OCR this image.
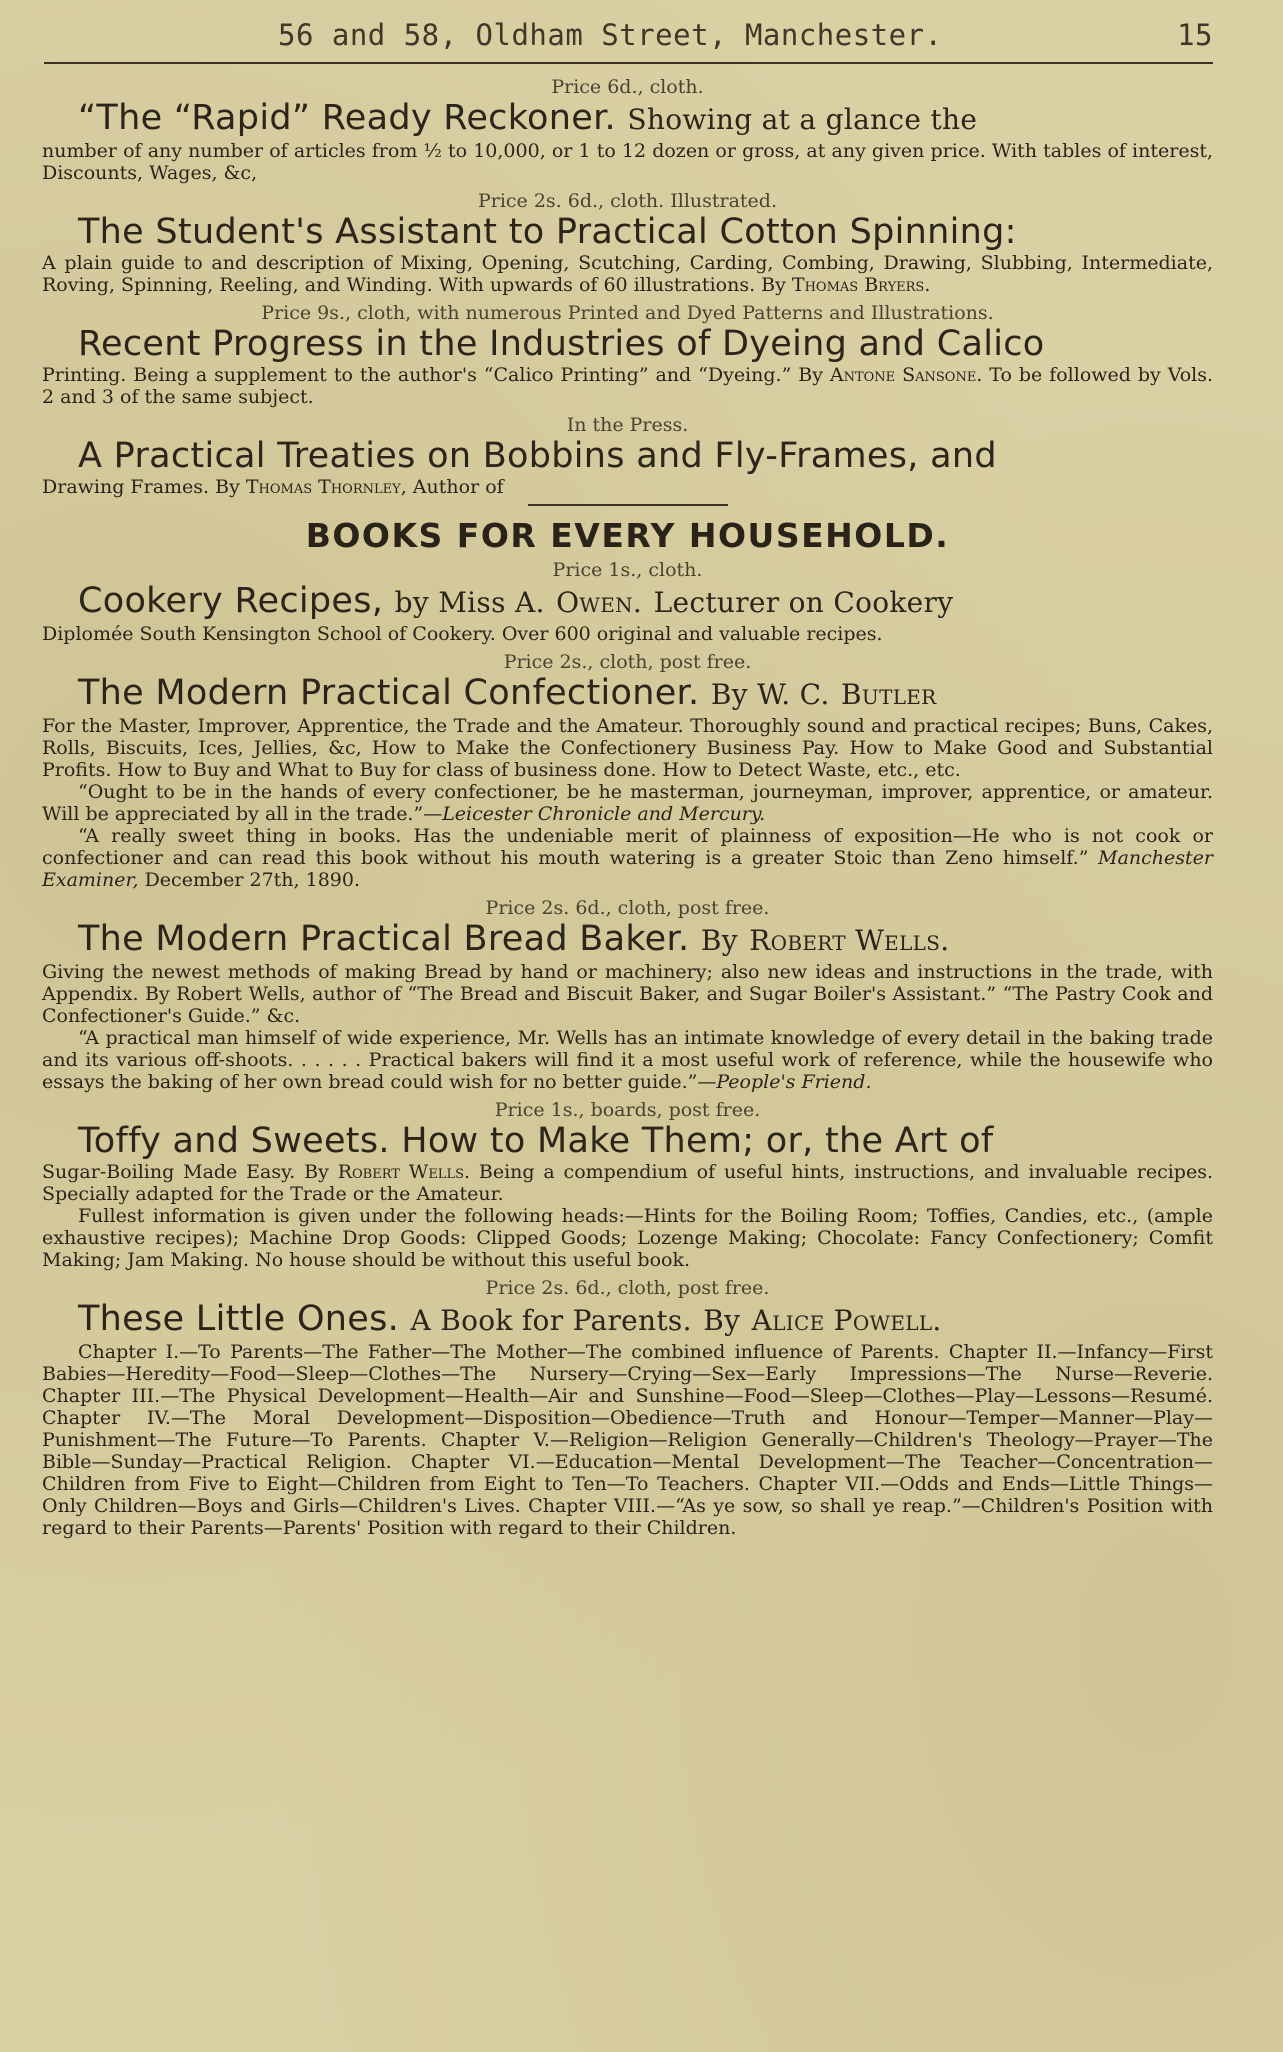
56 and 58, Oldham Street, Manchester.	15

Price 6d., cloth.

“The “Rapid” Ready Reckoner. Showing at a glance the

number of any number of articles from ½ to 10,000, or 1 to 12 dozen or gross, at any given price. With tables of interest, Discounts, Wages, &c,

Price 2s. 6d., cloth. Illustrated.

The Student's Assistant to Practical Cotton Spinning:

A plain guide to and description of Mixing, Opening, Scutching, Carding, Combing, Drawing, Slubbing, Intermediate, Roving, Spinning, Reeling, and Winding. With upwards of 60 illustrations. By Thomas Bryers.

Price 9s., cloth, with numerous Printed and Dyed Patterns and Illustrations.

Recent Progress in the Industries of Dyeing and Calico

Printing. Being a supplement to the author's “Calico Printing” and “Dyeing.” By Antone Sansone. To be followed by Vols. 2 and 3 of the same subject.

In the Press.

A Practical Treaties on Bobbins and Fly-Frames, and

Drawing Frames. By Thomas Thornley, Author of

BOOKS FOR EVERY HOUSEHOLD.

Price 1s., cloth.

Cookery Recipes, by Miss A. Owen. Lecturer on Cookery

Diplomée South Kensington School of Cookery. Over 600 original and valuable recipes.

Price 2s., cloth, post free.

The Modern Practical Confectioner. By W. C. Butler

For the Master, Improver, Apprentice, the Trade and the Amateur. Thoroughly sound and practical recipes; Buns, Cakes, Rolls, Biscuits, Ices, Jellies, &c, How to Make the Confectionery Business Pay. How to Make Good and Substantial Profits. How to Buy and What to Buy for class of business done. How to Detect Waste, etc., etc.

“Ought to be in the hands of every confectioner, be he masterman, journeyman, improver, apprentice, or amateur. Will be appreciated by all in the trade.”—Leicester Chronicle and Mercury.

“A really sweet thing in books. Has the undeniable merit of plainness of exposition—He who is not cook or confectioner and can read this book without his mouth watering is a greater Stoic than Zeno himself.” Manchester Examiner, December 27th, 1890.

Price 2s. 6d., cloth, post free.

The Modern Practical Bread Baker. By Robert Wells.

Giving the newest methods of making Bread by hand or machinery; also new ideas and instructions in the trade, with Appendix. By Robert Wells, author of “The Bread and Biscuit Baker, and Sugar Boiler's Assistant.” “The Pastry Cook and Confectioner's Guide.” &c.

“A practical man himself of wide experience, Mr. Wells has an intimate knowledge of every detail in the baking trade and its various off-shoots. . . . . . Practical bakers will find it a most useful work of reference, while the housewife who essays the baking of her own bread could wish for no better guide.”—People's Friend.

Price 1s., boards, post free.

Toffy and Sweets. How to Make Them; or, the Art of

Sugar-Boiling Made Easy. By Robert Wells. Being a compendium of useful hints, instructions, and invaluable recipes. Specially adapted for the Trade or the Amateur.

Fullest information is given under the following heads:—Hints for the Boiling Room; Toffies, Candies, etc., (ample exhaustive recipes); Machine Drop Goods: Clipped Goods; Lozenge Making; Chocolate: Fancy Confectionery; Comfit Making; Jam Making. No house should be without this useful book.

Price 2s. 6d., cloth, post free.

These Little Ones. A Book for Parents. By Alice Powell.

Chapter I.—To Parents—The Father—The Mother—The combined influence of Parents. Chapter II.—Infancy—First Babies—Heredity—Food—Sleep—Clothes—The Nursery—Crying—Sex—Early Impressions—The Nurse—Reverie. Chapter III.—The Physical Development—Health—Air and Sunshine—Food—Sleep—Clothes—Play—Lessons—Resumé. Chapter IV.—The Moral Development—Disposition—Obedience—Truth and Honour—Temper—Manner—Play—Punishment—The Future—To Parents. Chapter V.—Religion—Religion Generally—Children's Theology—Prayer—The Bible—Sunday—Practical Religion. Chapter VI.—Education—Mental Development—The Teacher—Concentration—Children from Five to Eight—Children from Eight to Ten—To Teachers. Chapter VII.—Odds and Ends—Little Things—Only Children—Boys and Girls—Children's Lives. Chapter VIII.—“As ye sow, so shall ye reap.”—Children's Position with regard to their Parents—Parents' Position with regard to their Children.
